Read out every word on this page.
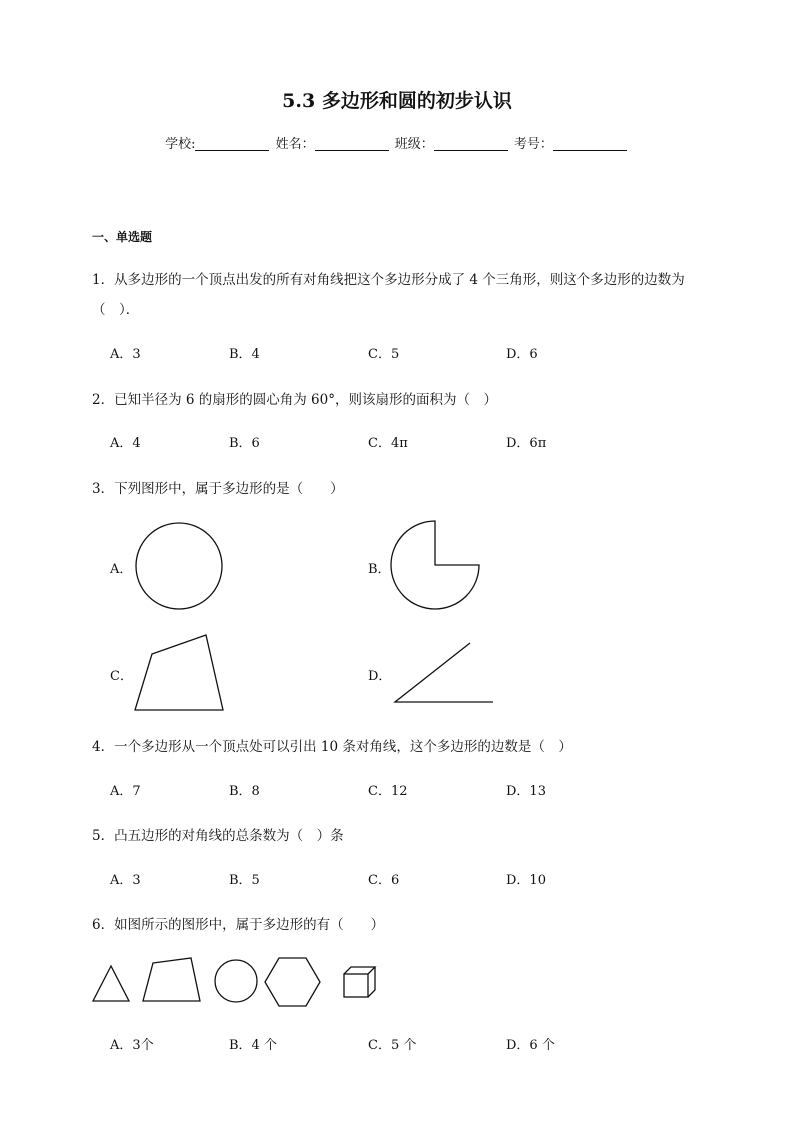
5.3 多边形和圆的初步认识
学校:	姓名：	班级：	考号：
一、单选题
1．从多边形的一个顶点出发的所有对角线把这个多边形分成了 4 个三角形，则这个多边形的边数为
（　）．
A．3	B．4	C．5	D．6
2．已知半径为 6 的扇形的圆心角为 60°，则该扇形的面积为（　）
A．4	B．6	C．4π	D．6π
3．下列图形中，属于多边形的是（　　）
A．	B．
C．	D．
4．一个多边形从一个顶点处可以引出 10 条对角线，这个多边形的边数是（　）
A．7	B．8	C．12	D．13
5．凸五边形的对角线的总条数为（　）条
A．3	B．5	C．6	D．10
6．如图所示的图形中，属于多边形的有（　　）
A．3个	B．4 个	C．5 个	D．6 个
